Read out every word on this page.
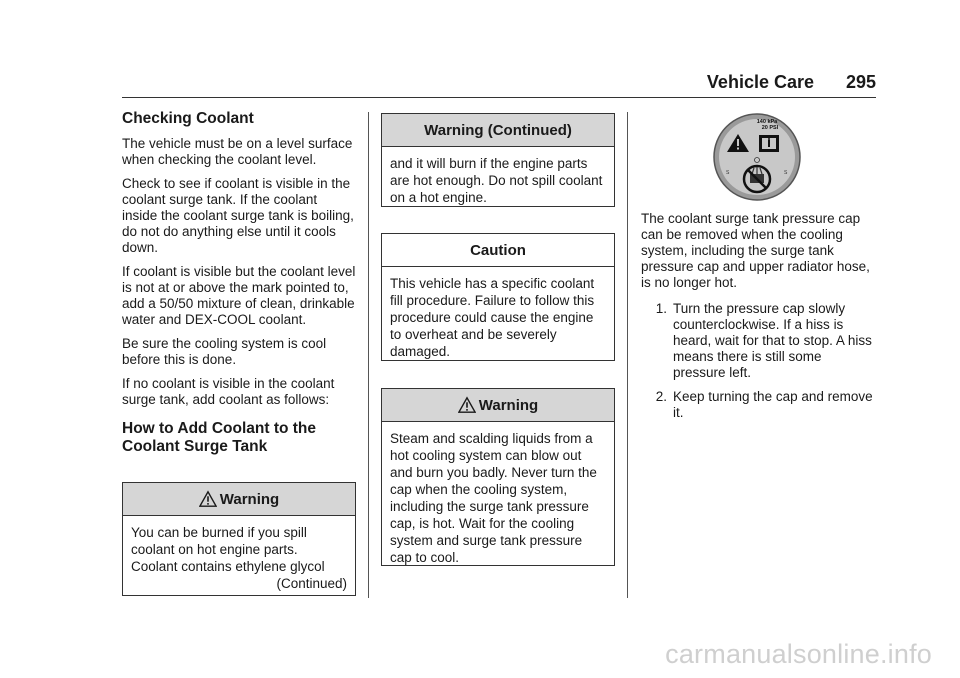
Vehicle Care 295
Checking Coolant

The vehicle must be on a level surface when checking the coolant level.

Check to see if coolant is visible in the coolant surge tank. If the coolant inside the coolant surge tank is boiling, do not do anything else until it cools down.

If coolant is visible but the coolant level is not at or above the mark pointed to, add a 50/50 mixture of clean, drinkable water and DEX-COOL coolant.

Be sure the cooling system is cool before this is done.

If no coolant is visible in the coolant surge tank, add coolant as follows:

How to Add Coolant to the Coolant Surge Tank
Warning
You can be burned if you spill coolant on hot engine parts. Coolant contains ethylene glycol
(Continued)
Warning (Continued)
and it will burn if the engine parts are hot enough. Do not spill coolant on a hot engine.
Caution
This vehicle has a specific coolant fill procedure. Failure to follow this procedure could cause the engine to overheat and be severely damaged.
Warning
Steam and scalding liquids from a hot cooling system can blow out and burn you badly. Never turn the cap when the cooling system, including the surge tank pressure cap, is hot. Wait for the cooling system and surge tank pressure cap to cool.
140 kPa
20 PSI
S	S

The coolant surge tank pressure cap can be removed when the cooling system, including the surge tank pressure cap and upper radiator hose, is no longer hot.

1. Turn the pressure cap slowly counterclockwise. If a hiss is heard, wait for that to stop. A hiss means there is still some pressure left.
2. Keep turning the cap and remove it.
carmanualsonline.info
